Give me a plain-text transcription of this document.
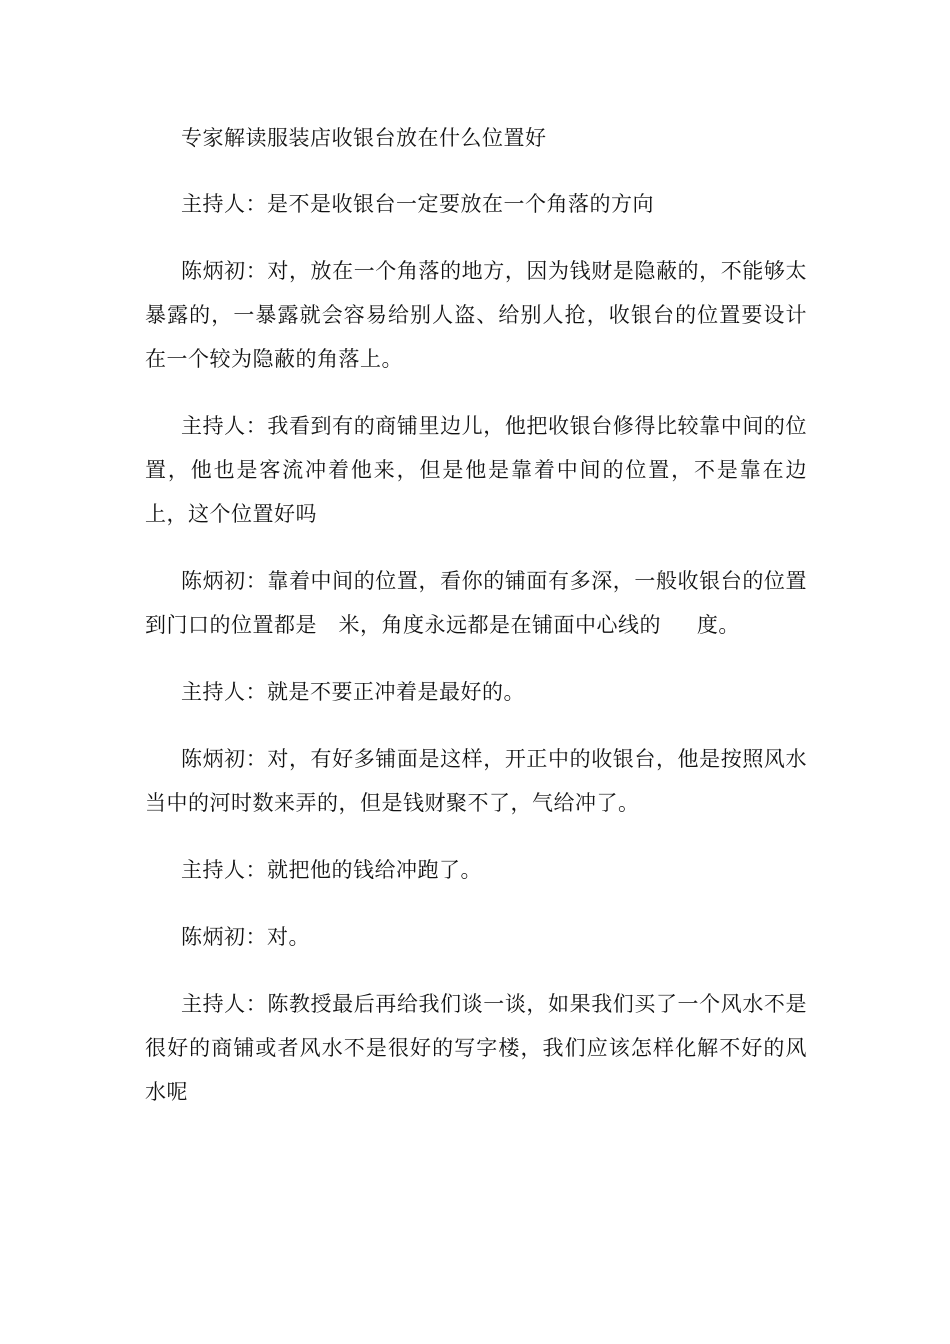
专家解读服装店收银台放在什么位置好

主持人：是不是收银台一定要放在一个角落的方向

陈炳初：对，放在一个角落的地方，因为钱财是隐蔽的，不能够太暴露的，一暴露就会容易给别人盗、给别人抢，收银台的位置要设计在一个较为隐蔽的角落上。

主持人：我看到有的商铺里边儿，他把收银台修得比较靠中间的位置，他也是客流冲着他来，但是他是靠着中间的位置，不是靠在边上，这个位置好吗

陈炳初：靠着中间的位置，看你的铺面有多深，一般收银台的位置到门口的位置都是   米，角度永远都是在铺面中心线的     度。

主持人：就是不要正冲着是最好的。

陈炳初：对，有好多铺面是这样，开正中的收银台，他是按照风水当中的河时数来弄的，但是钱财聚不了，气给冲了。

主持人：就把他的钱给冲跑了。

陈炳初：对。

主持人：陈教授最后再给我们谈一谈，如果我们买了一个风水不是很好的商铺或者风水不是很好的写字楼，我们应该怎样化解不好的风水呢
